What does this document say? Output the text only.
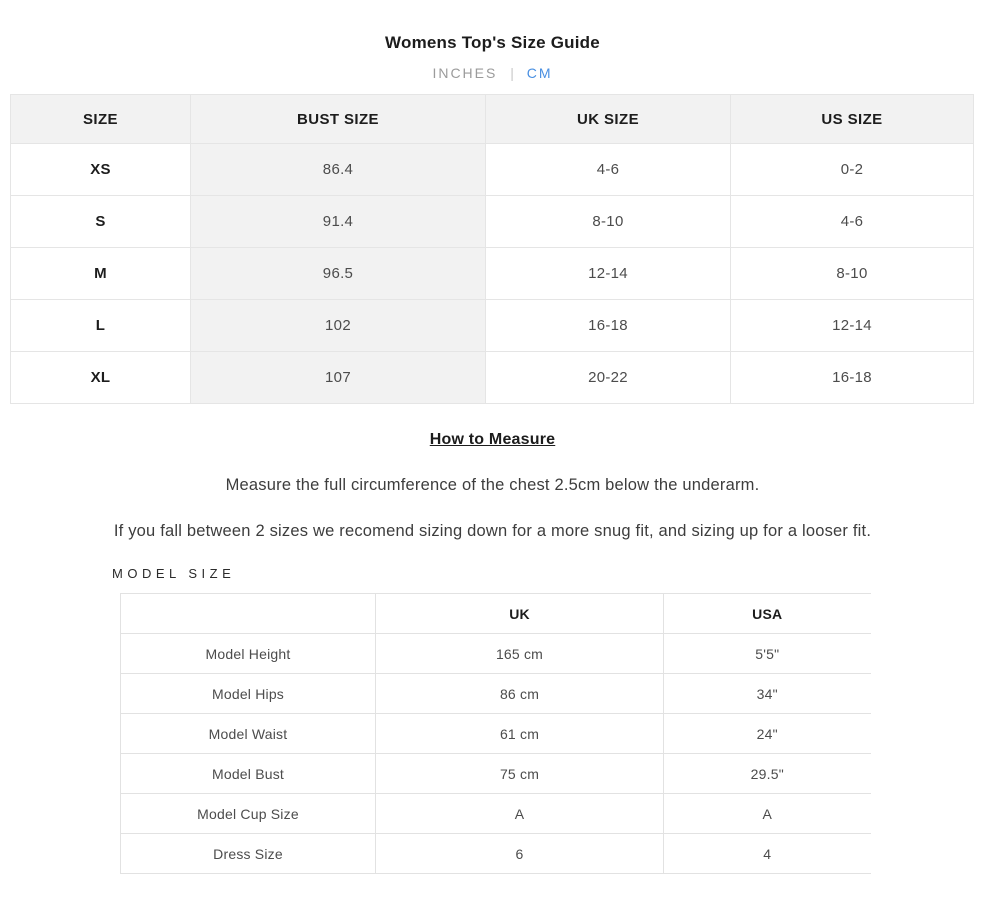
Womens Top's Size Guide
INCHES | CM
SIZE	BUST SIZE	UK SIZE	US SIZE
XS	86.4	4-6	0-2
S	91.4	8-10	4-6
M	96.5	12-14	8-10
L	102	16-18	12-14
XL	107	20-22	16-18
How to Measure

Measure the full circumference of the chest 2.5cm below the underarm.

If you fall between 2 sizes we recomend sizing down for a more snug fit, and sizing up for a looser fit.

MODEL SIZE
	UK	USA
Model Height	165 cm	5'5"
Model Hips	86 cm	34"
Model Waist	61 cm	24"
Model Bust	75 cm	29.5"
Model Cup Size	A	A
Dress Size	6	4
